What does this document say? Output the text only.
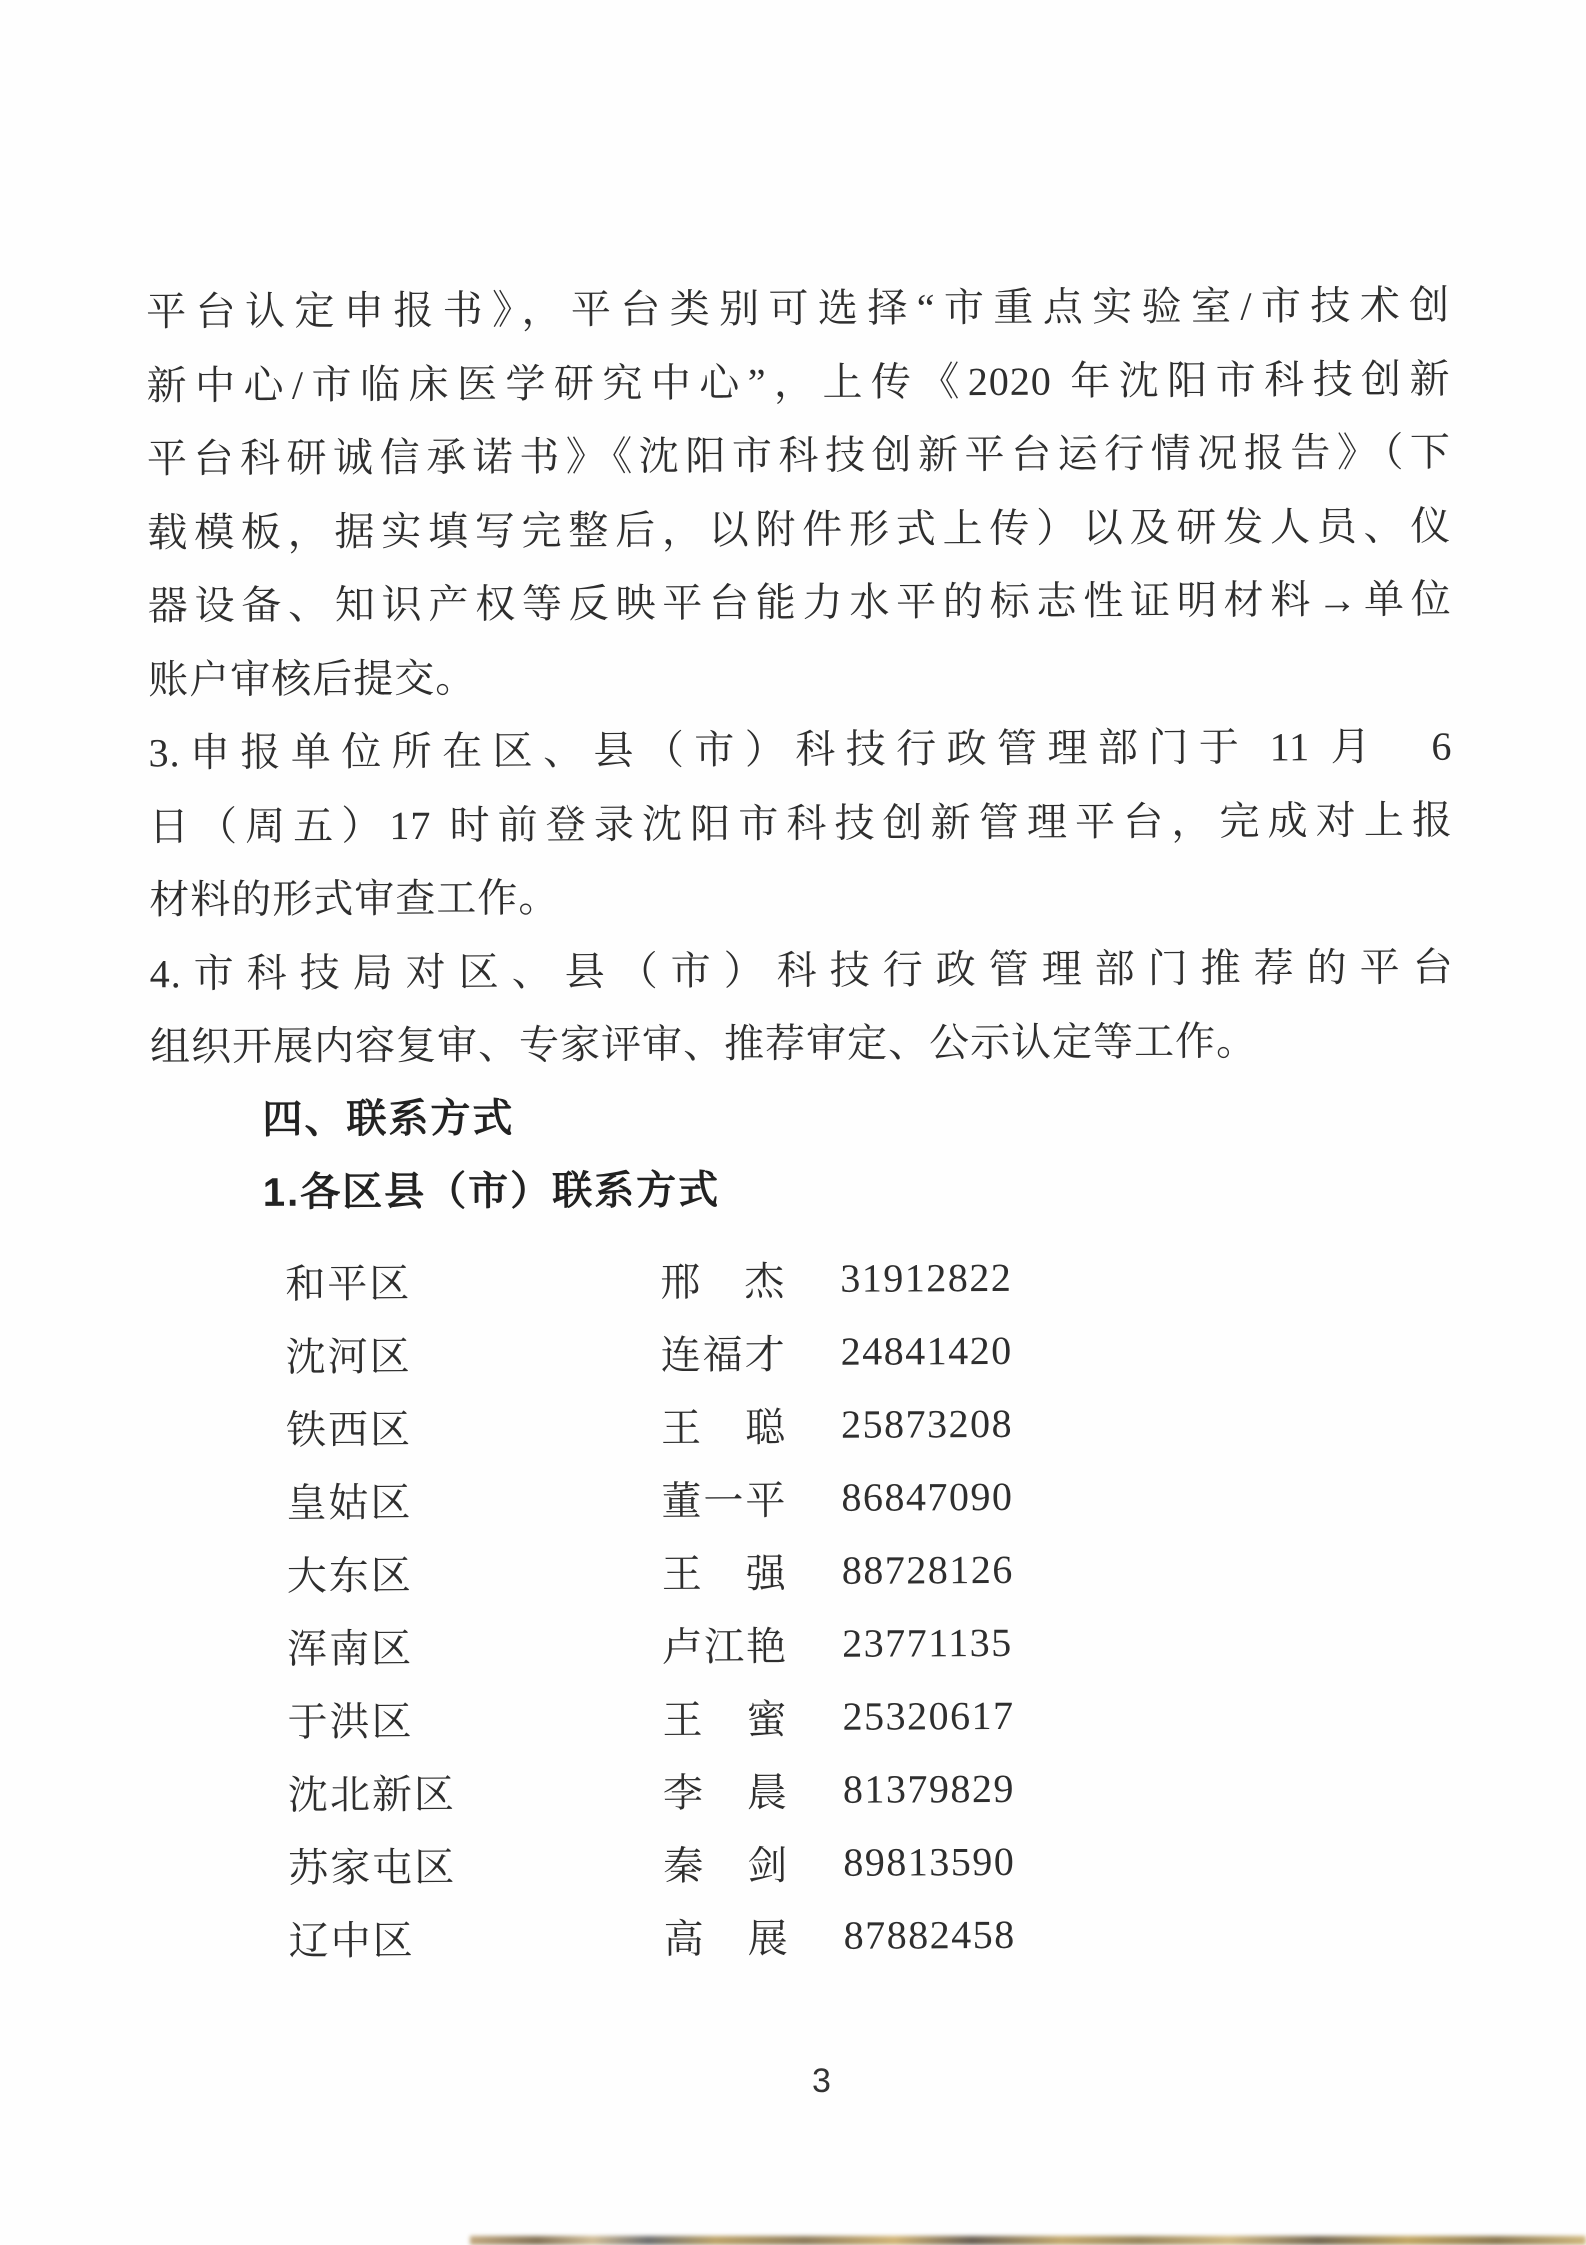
平台认定申报书》，平台类别可选择“市重点实验室/市技术创
新中心/市临床医学研究中心”，上传《2020 年沈阳市科技创新
平台科研诚信承诺书》《沈阳市科技创新平台运行情况报告》（下
载模板，据实填写完整后，以附件形式上传）以及研发人员、仪
器设备、知识产权等反映平台能力水平的标志性证明材料→单位
账户审核后提交。
3.申报单位所在区、县（市）科技行政管理部门于 11 月　6
日（周五）17 时前登录沈阳市科技创新管理平台，完成对上报
材料的形式审查工作。
4.市科技局对区、县（市）科技行政管理部门推荐的平台
组织开展内容复审、专家评审、推荐审定、公示认定等工作。
四、联系方式
1.各区县（市）联系方式
和平区	邢　杰	31912822
沈河区	连福才	24841420
铁西区	王　聪	25873208
皇姑区	董一平	86847090
大东区	王　强	88728126
浑南区	卢江艳	23771135
于洪区	王　蜜	25320617
沈北新区	李　晨	81379829
苏家屯区	秦　剑	89813590
辽中区	高　展	87882458
3
